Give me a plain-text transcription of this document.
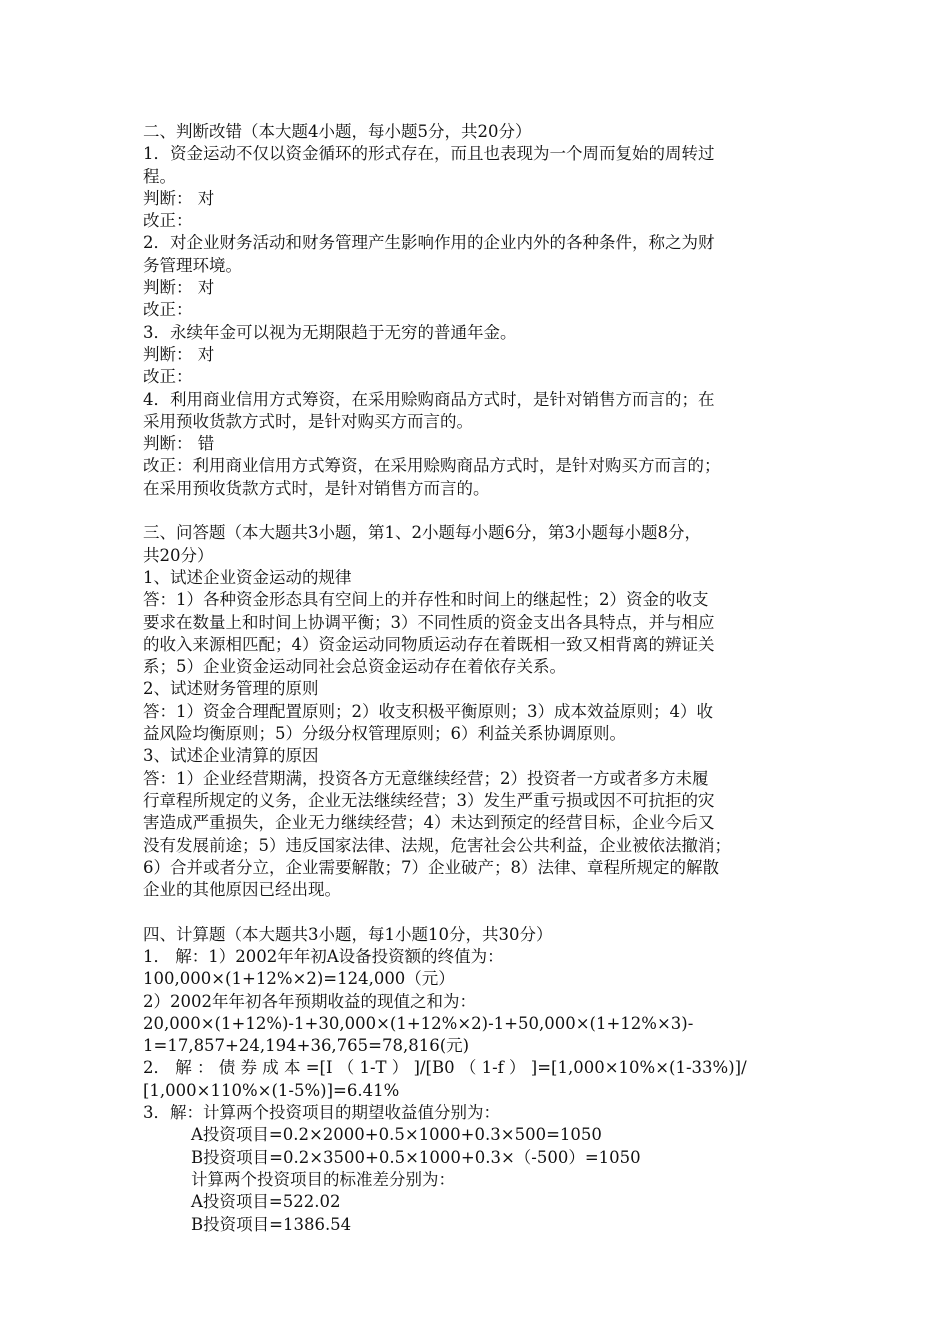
二、判断改错（本大题4小题，每小题5分，共20分）
1．资金运动不仅以资金循环的形式存在，而且也表现为一个周而复始的周转过
程。
判断： 对
改正：
2．对企业财务活动和财务管理产生影响作用的企业内外的各种条件，称之为财
务管理环境。
判断： 对
改正：
3．永续年金可以视为无期限趋于无穷的普通年金。
判断： 对
改正：
4．利用商业信用方式筹资，在采用赊购商品方式时，是针对销售方而言的；在
采用预收货款方式时，是针对购买方而言的。
判断： 错
改正：利用商业信用方式筹资，在采用赊购商品方式时，是针对购买方而言的；
在采用预收货款方式时，是针对销售方而言的。
三、问答题（本大题共3小题，第1、2小题每小题6分，第3小题每小题8分，
共20分）
1、试述企业资金运动的规律
答：1）各种资金形态具有空间上的并存性和时间上的继起性；2）资金的收支
要求在数量上和时间上协调平衡；3）不同性质的资金支出各具特点，并与相应
的收入来源相匹配；4）资金运动同物质运动存在着既相一致又相背离的辨证关
系；5）企业资金运动同社会总资金运动存在着依存关系。
2、试述财务管理的原则
答：1）资金合理配置原则；2）收支积极平衡原则；3）成本效益原则；4）收
益风险均衡原则；5）分级分权管理原则；6）利益关系协调原则。
3、试述企业清算的原因
答：1）企业经营期满，投资各方无意继续经营；2）投资者一方或者多方未履
行章程所规定的义务，企业无法继续经营；3）发生严重亏损或因不可抗拒的灾
害造成严重损失，企业无力继续经营；4）未达到预定的经营目标，企业今后又
没有发展前途；5）违反国家法律、法规，危害社会公共利益，企业被依法撤消；
6）合并或者分立，企业需要解散；7）企业破产；8）法律、章程所规定的解散
企业的其他原因已经出现。
四、计算题（本大题共3小题，每1小题10分，共30分）
1． 解：1）2002年年初A设备投资额的终值为：
100,000×(1+12%×2)=124,000（元）
2）2002年年初各年预期收益的现值之和为：
20,000×(1+12%)-1+30,000×(1+12%×2)-1+50,000×(1+12%×3)-
1=17,857+24,194+36,765=78,816(元)
2． 解 ： 债 券 成 本 =[I （ 1-T ） ]/[B0 （ 1-f ） ]=[1,000×10%×(1-33%)]/
[1,000×110%×(1-5%)]=6.41%
3．解：计算两个投资项目的期望收益值分别为：
A投资项目=0.2×2000+0.5×1000+0.3×500=1050
B投资项目=0.2×3500+0.5×1000+0.3×（-500）=1050
计算两个投资项目的标准差分别为：
A投资项目=522.02
B投资项目=1386.54
